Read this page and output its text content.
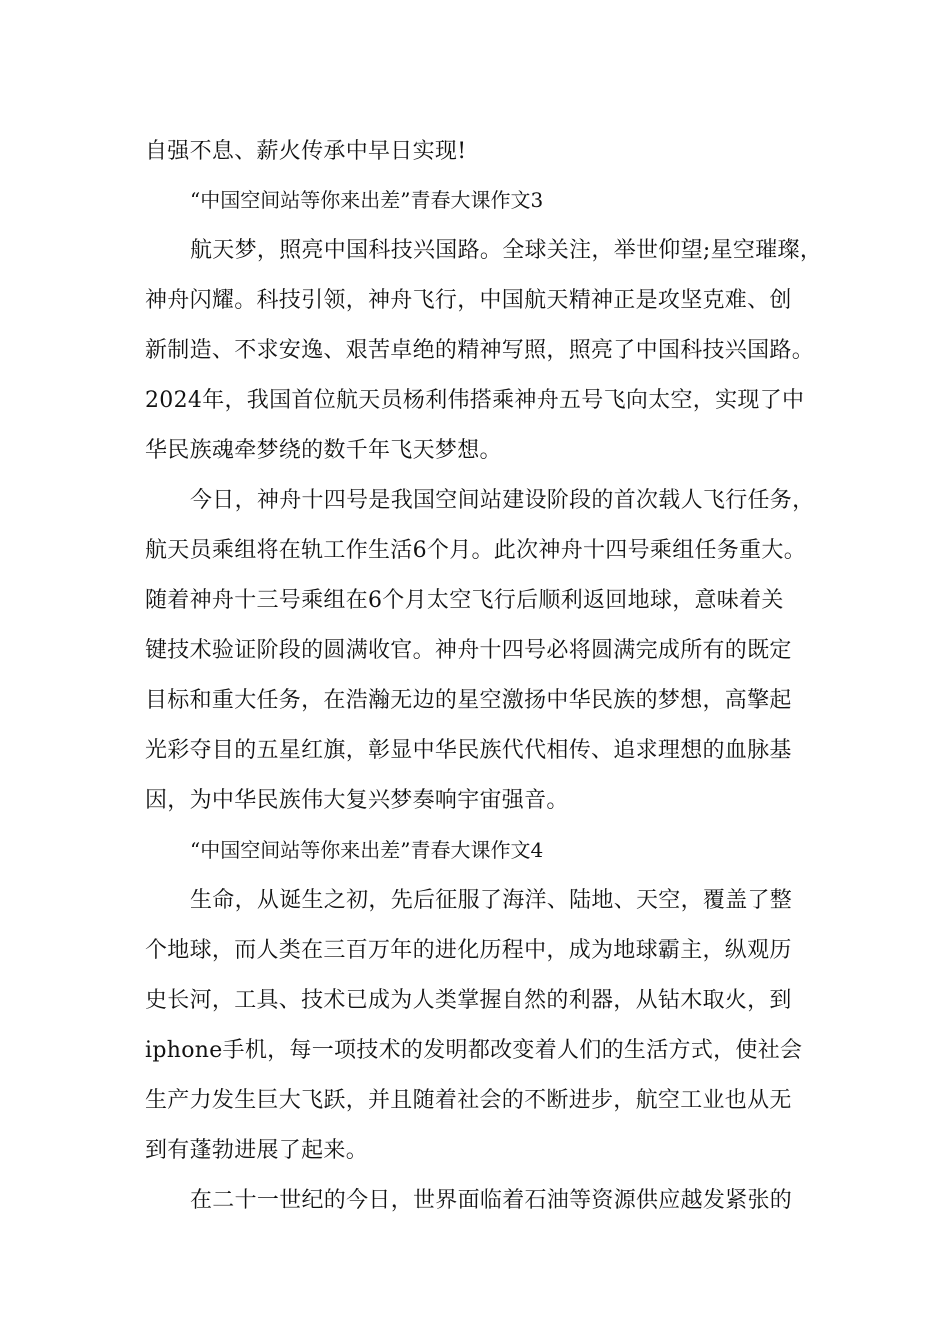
自强不息、薪火传承中早日实现!
“中国空间站等你来出差”青春大课作文3
航天梦，照亮中国科技兴国路。全球关注，举世仰望;星空璀璨，
神舟闪耀。科技引领，神舟飞行，中国航天精神正是攻坚克难、创
新制造、不求安逸、艰苦卓绝的精神写照，照亮了中国科技兴国路。
2024年，我国首位航天员杨利伟搭乘神舟五号飞向太空，实现了中
华民族魂牵梦绕的数千年飞天梦想。
今日，神舟十四号是我国空间站建设阶段的首次载人飞行任务，
航天员乘组将在轨工作生活6个月。此次神舟十四号乘组任务重大。
随着神舟十三号乘组在6个月太空飞行后顺利返回地球，意味着关
键技术验证阶段的圆满收官。神舟十四号必将圆满完成所有的既定
目标和重大任务，在浩瀚无边的星空激扬中华民族的梦想，高擎起
光彩夺目的五星红旗，彰显中华民族代代相传、追求理想的血脉基
因，为中华民族伟大复兴梦奏响宇宙强音。
“中国空间站等你来出差”青春大课作文4
生命，从诞生之初，先后征服了海洋、陆地、天空，覆盖了整
个地球，而人类在三百万年的进化历程中，成为地球霸主，纵观历
史长河，工具、技术已成为人类掌握自然的利器，从钻木取火，到
iphone手机，每一项技术的发明都改变着人们的生活方式，使社会
生产力发生巨大飞跃，并且随着社会的不断进步，航空工业也从无
到有蓬勃进展了起来。
在二十一世纪的今日，世界面临着石油等资源供应越发紧张的
